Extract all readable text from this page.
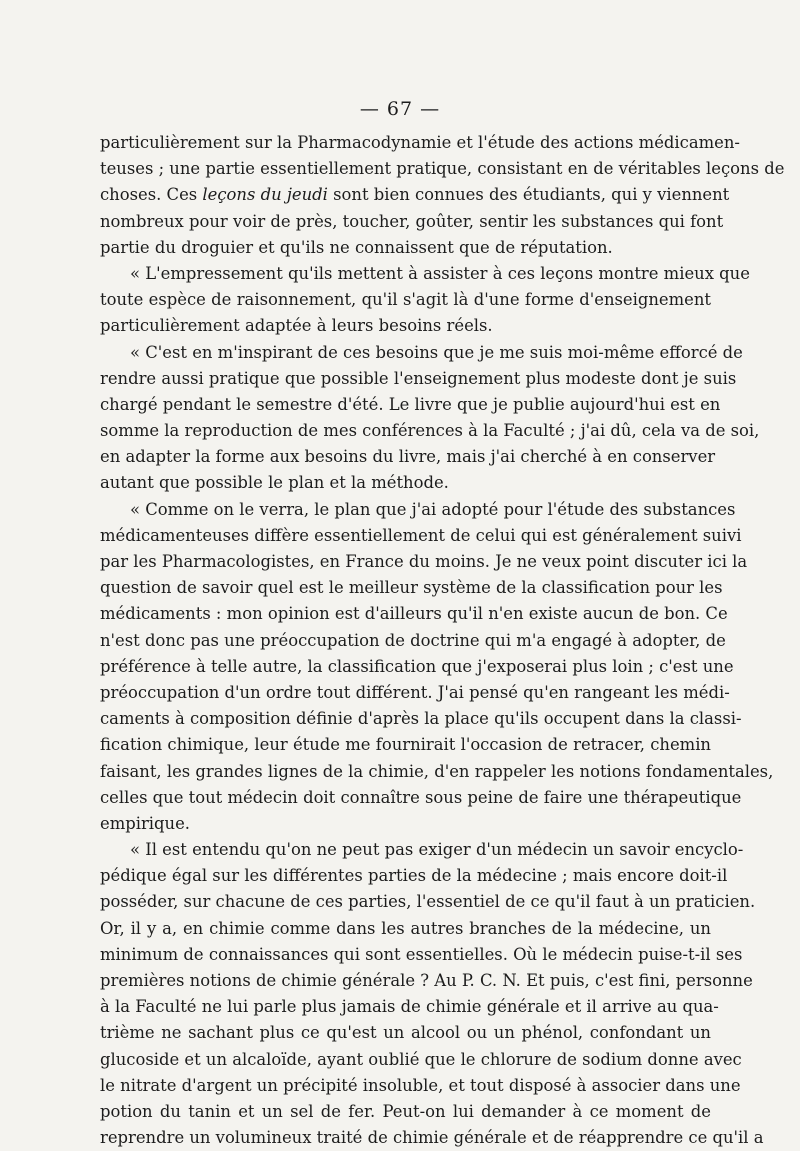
— 67 —
particulièrement sur la Pharmacodynamie et l'étude des actions médicamen-
teuses ; une partie essentiellement pratique, consistant en de véritables leçons de
choses. Ces leçons du jeudi sont bien connues des étudiants, qui y viennent
nombreux pour voir de près, toucher, goûter, sentir les substances qui font
partie du droguier et qu'ils ne connaissent que de réputation.
« L'empressement qu'ils mettent à assister à ces leçons montre mieux que
toute espèce de raisonnement, qu'il s'agit là d'une forme d'enseignement
particulièrement adaptée à leurs besoins réels.
« C'est en m'inspirant de ces besoins que je me suis moi-même efforcé de
rendre aussi pratique que possible l'enseignement plus modeste dont je suis
chargé pendant le semestre d'été. Le livre que je publie aujourd'hui est en
somme la reproduction de mes conférences à la Faculté ; j'ai dû, cela va de soi,
en adapter la forme aux besoins du livre, mais j'ai cherché à en conserver
autant que possible le plan et la méthode.
« Comme on le verra, le plan que j'ai adopté pour l'étude des substances
médicamenteuses diffère essentiellement de celui qui est généralement suivi
par les Pharmacologistes, en France du moins. Je ne veux point discuter ici la
question de savoir quel est le meilleur système de la classification pour les
médicaments : mon opinion est d'ailleurs qu'il n'en existe aucun de bon. Ce
n'est donc pas une préoccupation de doctrine qui m'a engagé à adopter, de
préférence à telle autre, la classification que j'exposerai plus loin ; c'est une
préoccupation d'un ordre tout différent. J'ai pensé qu'en rangeant les médi-
caments à composition définie d'après la place qu'ils occupent dans la classi-
fication chimique, leur étude me fournirait l'occasion de retracer, chemin
faisant, les grandes lignes de la chimie, d'en rappeler les notions fondamentales,
celles que tout médecin doit connaître sous peine de faire une thérapeutique
empirique.
« Il est entendu qu'on ne peut pas exiger d'un médecin un savoir encyclo-
pédique égal sur les différentes parties de la médecine ; mais encore doit-il
posséder, sur chacune de ces parties, l'essentiel de ce qu'il faut à un praticien.
Or, il y a, en chimie comme dans les autres branches de la médecine, un
minimum de connaissances qui sont essentielles. Où le médecin puise-t-il ses
premières notions de chimie générale ? Au P. C. N. Et puis, c'est fini, personne
à la Faculté ne lui parle plus jamais de chimie générale et il arrive au qua-
trième ne sachant plus ce qu'est un alcool ou un phénol, confondant un
glucoside et un alcaloïde, ayant oublié que le chlorure de sodium donne avec
le nitrate d'argent un précipité insoluble, et tout disposé à associer dans une
potion du tanin et un sel de fer. Peut-on lui demander à ce moment de
reprendre un volumineux traité de chimie générale et de réapprendre ce qu'il a
